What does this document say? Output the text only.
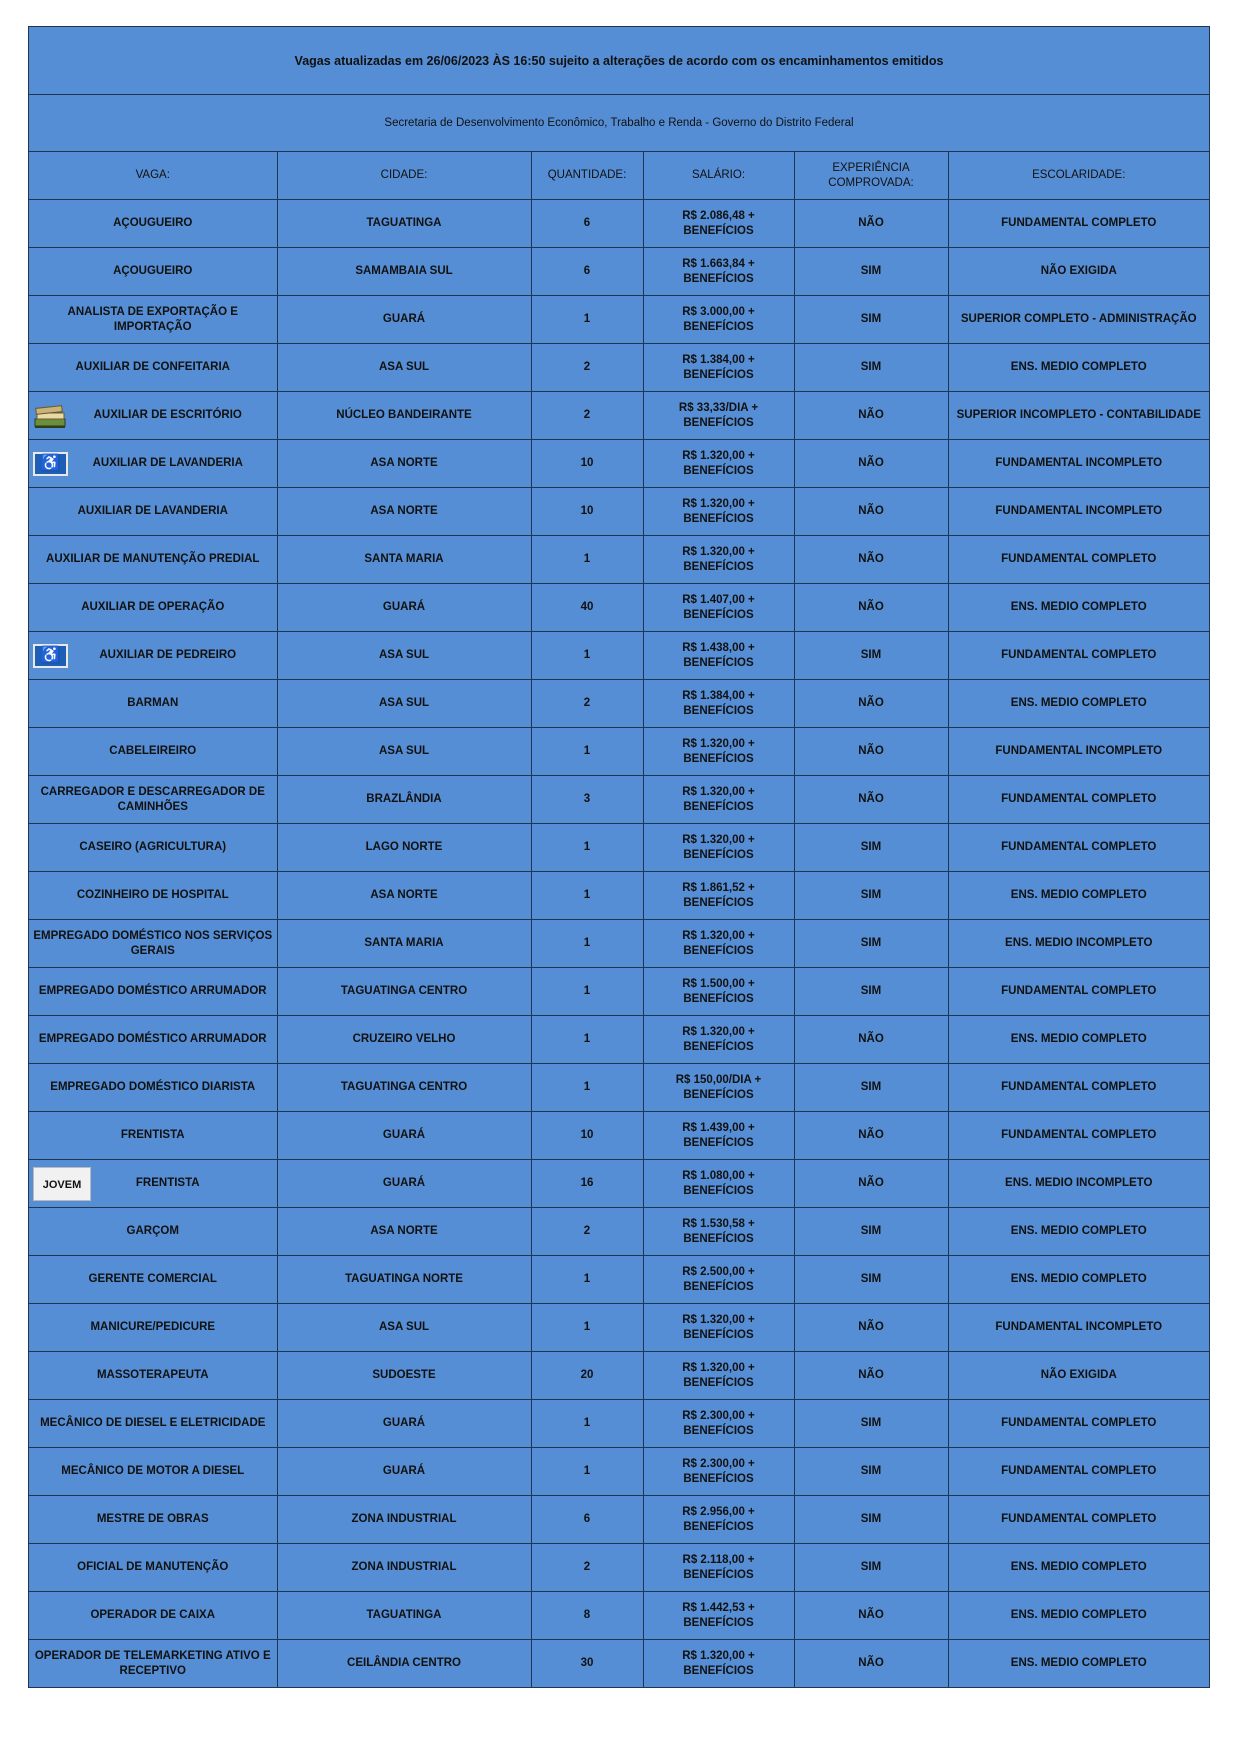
Vagas atualizadas em 26/06/2023 ÀS 16:50 sujeito a alterações de acordo com os encaminhamentos emitidos
Secretaria de Desenvolvimento Econômico, Trabalho e Renda - Governo do Distrito Federal
VAGA:	CIDADE:	QUANTIDADE:	SALÁRIO:	EXPERIÊNCIA COMPROVADA:	ESCOLARIDADE:
AÇOUGUEIRO	TAGUATINGA	6	R$ 2.086,48 + BENEFÍCIOS	NÃO	FUNDAMENTAL COMPLETO
AÇOUGUEIRO	SAMAMBAIA SUL	6	R$ 1.663,84 + BENEFÍCIOS	SIM	NÃO EXIGIDA
ANALISTA DE EXPORTAÇÃO E IMPORTAÇÃO	GUARÁ	1	R$ 3.000,00 + BENEFÍCIOS	SIM	SUPERIOR COMPLETO - ADMINISTRAÇÃO
AUXILIAR DE CONFEITARIA	ASA SUL	2	R$ 1.384,00 + BENEFÍCIOS	SIM	ENS. MEDIO COMPLETO

AUXILIAR DE ESCRITÓRIO	NÚCLEO BANDEIRANTE	2	R$ 33,33/DIA + BENEFÍCIOS	NÃO	SUPERIOR INCOMPLETO - CONTABILIDADE

♿ AUXILIAR DE LAVANDERIA	ASA NORTE	10	R$ 1.320,00 + BENEFÍCIOS	NÃO	FUNDAMENTAL INCOMPLETO
AUXILIAR DE LAVANDERIA	ASA NORTE	10	R$ 1.320,00 + BENEFÍCIOS	NÃO	FUNDAMENTAL INCOMPLETO
AUXILIAR DE MANUTENÇÃO PREDIAL	SANTA MARIA	1	R$ 1.320,00 + BENEFÍCIOS	NÃO	FUNDAMENTAL COMPLETO
AUXILIAR DE OPERAÇÃO	GUARÁ	40	R$ 1.407,00 + BENEFÍCIOS	NÃO	ENS. MEDIO COMPLETO

♿ AUXILIAR DE PEDREIRO	ASA SUL	1	R$ 1.438,00 + BENEFÍCIOS	SIM	FUNDAMENTAL COMPLETO
BARMAN	ASA SUL	2	R$ 1.384,00 + BENEFÍCIOS	NÃO	ENS. MEDIO COMPLETO
CABELEIREIRO	ASA SUL	1	R$ 1.320,00 + BENEFÍCIOS	NÃO	FUNDAMENTAL INCOMPLETO
CARREGADOR E DESCARREGADOR DE CAMINHÕES	BRAZLÂNDIA	3	R$ 1.320,00 + BENEFÍCIOS	NÃO	FUNDAMENTAL COMPLETO
CASEIRO (AGRICULTURA)	LAGO NORTE	1	R$ 1.320,00 + BENEFÍCIOS	SIM	FUNDAMENTAL COMPLETO
COZINHEIRO DE HOSPITAL	ASA NORTE	1	R$ 1.861,52 + BENEFÍCIOS	SIM	ENS. MEDIO COMPLETO
EMPREGADO DOMÉSTICO NOS SERVIÇOS GERAIS	SANTA MARIA	1	R$ 1.320,00 + BENEFÍCIOS	SIM	ENS. MEDIO INCOMPLETO
EMPREGADO DOMÉSTICO ARRUMADOR	TAGUATINGA CENTRO	1	R$ 1.500,00 + BENEFÍCIOS	SIM	FUNDAMENTAL COMPLETO
EMPREGADO DOMÉSTICO ARRUMADOR	CRUZEIRO VELHO	1	R$ 1.320,00 + BENEFÍCIOS	NÃO	ENS. MEDIO COMPLETO
EMPREGADO DOMÉSTICO DIARISTA	TAGUATINGA CENTRO	1	R$ 150,00/DIA + BENEFÍCIOS	SIM	FUNDAMENTAL COMPLETO
FRENTISTA	GUARÁ	10	R$ 1.439,00 + BENEFÍCIOS	NÃO	FUNDAMENTAL COMPLETO

JOVEM FRENTISTA	GUARÁ	16	R$ 1.080,00 + BENEFÍCIOS	NÃO	ENS. MEDIO INCOMPLETO
GARÇOM	ASA NORTE	2	R$ 1.530,58 + BENEFÍCIOS	SIM	ENS. MEDIO COMPLETO
GERENTE COMERCIAL	TAGUATINGA NORTE	1	R$ 2.500,00 + BENEFÍCIOS	SIM	ENS. MEDIO COMPLETO
MANICURE/PEDICURE	ASA SUL	1	R$ 1.320,00 + BENEFÍCIOS	NÃO	FUNDAMENTAL INCOMPLETO
MASSOTERAPEUTA	SUDOESTE	20	R$ 1.320,00 + BENEFÍCIOS	NÃO	NÃO EXIGIDA
MECÂNICO DE DIESEL E ELETRICIDADE	GUARÁ	1	R$ 2.300,00 + BENEFÍCIOS	SIM	FUNDAMENTAL COMPLETO
MECÂNICO DE MOTOR A DIESEL	GUARÁ	1	R$ 2.300,00 + BENEFÍCIOS	SIM	FUNDAMENTAL COMPLETO
MESTRE DE OBRAS	ZONA INDUSTRIAL	6	R$ 2.956,00 + BENEFÍCIOS	SIM	FUNDAMENTAL COMPLETO
OFICIAL DE MANUTENÇÃO	ZONA INDUSTRIAL	2	R$ 2.118,00 + BENEFÍCIOS	SIM	ENS. MEDIO COMPLETO
OPERADOR DE CAIXA	TAGUATINGA	8	R$ 1.442,53 + BENEFÍCIOS	NÃO	ENS. MEDIO COMPLETO
OPERADOR DE TELEMARKETING ATIVO E RECEPTIVO	CEILÂNDIA CENTRO	30	R$ 1.320,00 + BENEFÍCIOS	NÃO	ENS. MEDIO COMPLETO
